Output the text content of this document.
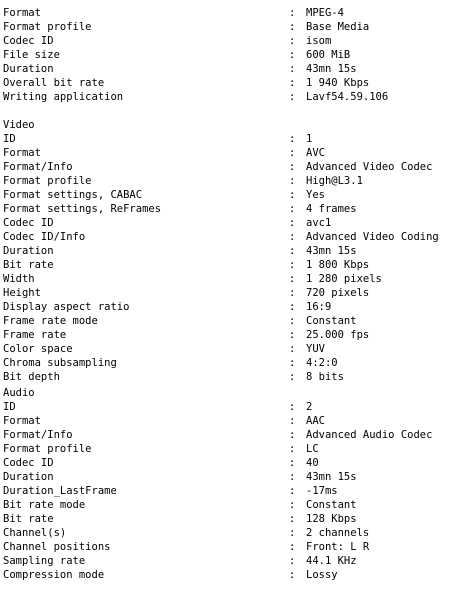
Format	: MPEG-4
Format profile	: Base Media
Codec ID	: isom
File size	: 600 MiB
Duration	: 43mn 15s
Overall bit rate	: 1 940 Kbps
Writing application	: Lavf54.59.106
Video
ID	: 1
Format	: AVC
Format/Info	: Advanced Video Codec
Format profile	: High@L3.1
Format settings, CABAC	: Yes
Format settings, ReFrames	: 4 frames
Codec ID	: avc1
Codec ID/Info	: Advanced Video Coding
Duration	: 43mn 15s
Bit rate	: 1 800 Kbps
Width	: 1 280 pixels
Height	: 720 pixels
Display aspect ratio	: 16:9
Frame rate mode	: Constant
Frame rate	: 25.000 fps
Color space	: YUV
Chroma subsampling	: 4:2:0
Bit depth	: 8 bits
Audio
ID	: 2
Format	: AAC
Format/Info	: Advanced Audio Codec
Format profile	: LC
Codec ID	: 40
Duration	: 43mn 15s
Duration_LastFrame	: -17ms
Bit rate mode	: Constant
Bit rate	: 128 Kbps
Channel(s)	: 2 channels
Channel positions	: Front: L R
Sampling rate	: 44.1 KHz
Compression mode	: Lossy
